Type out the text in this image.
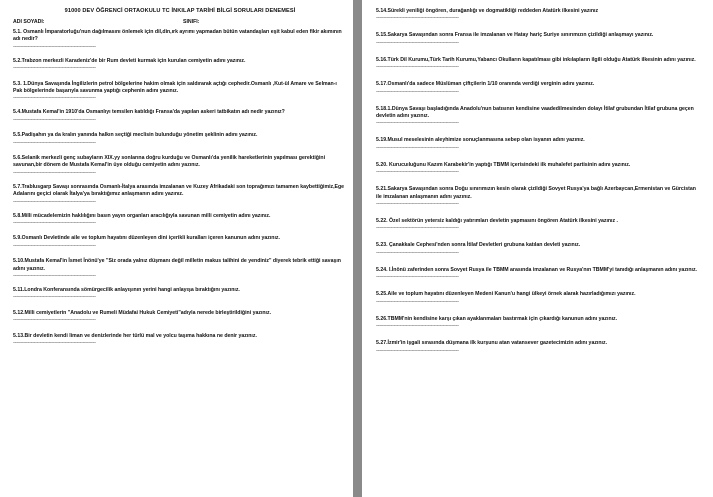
91000 DEV ÖĞRENCİ ORTAOKULU TC İNKILAP TARİHİ BİLGİ SORULARI DENEMESİ
ADI SOYADI:	SINIFI:
5.1. Osmanlı İmparatorluğu'nun dağılmasını önlemek için dil,din,ırk ayrımı yapmadan bütün vatandaşları eşit kabul eden fikir akımının adı nedir?
--------------------------------------------------------
5.2.Trabzon merkezli Karadeniz'de bir Rum devleti kurmak için kurulan cemiyetin adını yazınız.
--------------------------------------------------------
5.3. 1.Dünya Savaşında İngilizlerin petrol bölgelerine hakim olmak için saldırarak açtığı cephedir.Osmanlı ,Kut-ül Amare ve Selman-ı Pak bölgelerinde başarıyla savunma yaptığı cephenin adını yazınız.
--------------------------------------------------------
5.4.Mustafa Kemal'in 1910'da Osmanlıyı temsilen katıldığı Fransa'da yapılan askeri tatbikatın adı nedir yazınız?
--------------------------------------------------------
5.5.Padişahın ya da kralın yanında halkın seçtiği meclisin bulunduğu yönetim şeklinin adını yazınız.
--------------------------------------------------------
5.6.Selanik merkezli genç subayların XIX.yy sonlarına doğru kurduğu ve Osmanlı'da yenilik hareketlerinin yapılması gerektiğini savunan,bir dönem de Mustafa Kemal'in üye olduğu cemiyetin adını yazınız.
--------------------------------------------------------
5.7.Trablusgarp Savaşı sonrasında Osmanlı-İtalya arasında imzalanan ve Kuzey Afrikadaki son toprağımızı tamamen kaybettiğimiz,Ege Adalarını geçici olarak İtalya'ya bıraktığımız anlaşmanın adını yazınız.
--------------------------------------------------------
5.8.Milli mücadelemizin haklılığını basın yayın organları aracılığıyla savunan milli cemiyetin adını yazınız.
--------------------------------------------------------
5.9.Osmanlı Devletinde aile ve toplum hayatını düzenleyen dini içerikli kuralları içeren kanunun adını yazınız.
--------------------------------------------------------
5.10.Mustafa Kemal'in İsmet İnönü'ye "Siz orada yalnız düşmanı değil milletin makus talihini de yendiniz" diyerek tebrik ettiği savaşın adını yazınız.
--------------------------------------------------------
5.11.Londra Konferansında sömürgecilik anlayışının yerini hangi anlayışa bıraktığını yazınız.
--------------------------------------------------------
5.12.Milli cemiyetlerin "Anadolu ve Rumeli Müdafai Hukuk Cemiyeti"adıyla nerede birleştirildiğini yazınız.
--------------------------------------------------------
5.13.Bir devletin kendi liman ve denizlerinde her türlü mal ve yolcu taşıma hakkına ne denir yazınız.
--------------------------------------------------------
5.14.Sürekli yeniliği öngören, durağanlığı ve dogmatikliği reddeden Atatürk ilkesini yazınız
--------------------------------------------------------
5.15.Sakarya Savaşından sonra Fransa ile imzalanan ve Hatay hariç Suriye sınırımızın çizildiği anlaşmayı yazınız.
--------------------------------------------------------
5.16.Türk Dil Kurumu,Türk Tarih Kurumu,Yabancı Okulların kapatılması gibi inkılapların ilgili olduğu Atatürk ilkesinin adını yazınız.
--------------------------------------------------------
5.17.Osmanlı'da sadece Müslüman çiftçilerin 1/10 oranında verdiği verginin adını yazınız.
--------------------------------------------------------
5.18.1.Dünya Savaşı başladığında Anadolu'nun batısının kendisine vaadedilmesinden dolayı İtilaf grubundan İtilaf grubuna geçen devletin adını yazınız.
--------------------------------------------------------
5.19.Musul meselesinin aleyhimize sonuçlanmasına sebep olan isyanın adını yazınız.
--------------------------------------------------------
5.20. Kurucuıluğunu Kazım Karabekir'in yaptığı TBMM içerisindeki ilk muhalefet partisinin adını yazınız.
--------------------------------------------------------
5.21.Sakarya Savaşından sonra Doğu sınırımızın kesin olarak çizildiği Sovyet Rusya'ya bağlı Azerbaycan,Ermenistan ve Gürcistan ile imzalanan anlaşmanın adını yazınız.
--------------------------------------------------------
5.22. Özel sektörün yetersiz kaldığı yatırımları devletin yapmasını öngören Atatürk ilkesini yazınız .
--------------------------------------------------------
5.23. Çanakkale Cephesi'nden sonra İtilaf Devletleri grubuna katılan devleti yazınız.
--------------------------------------------------------
5.24. I.İnönü zaferinden sonra Sovyet Rusya ile TBMM arasında imzalanan ve Rusya'nın TBMM'yi tanıdığı anlaşmanın adını yazınız.
--------------------------------------------------------
5.25.Aile ve toplum hayatını düzenleyen Medeni Kanun'u hangi ülkeyi örnek alarak hazırladığımızı yazınız.
--------------------------------------------------------
5.26.TBMM'nin kendisine karşı çıkan ayaklanmaları bastırmak için çıkardığı kanunun adını yazınız.
--------------------------------------------------------
5.27.İzmir'in işgali sırasında düşmana ilk kurşunu atan vatansever gazetecimizin adını yazınız.
--------------------------------------------------------
